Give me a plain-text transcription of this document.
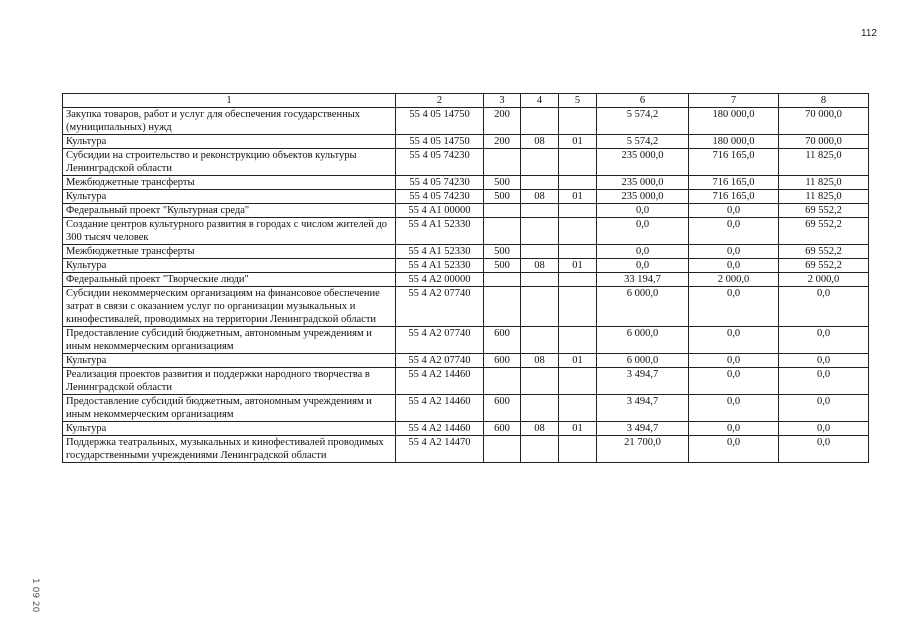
112
1	2	3	4	5	6	7	8
Закупка товаров, работ и услуг для обеспечения государственных (муниципальных) нужд	55 4 05 14750	200			5 574,2	180 000,0	70 000,0
Культура	55 4 05 14750	200	08	01	5 574,2	180 000,0	70 000,0
Субсидии на строительство и реконструкцию объектов культуры Ленинградской области	55 4 05 74230				235 000,0	716 165,0	11 825,0
Межбюджетные трансферты	55 4 05 74230	500			235 000,0	716 165,0	11 825,0
Культура	55 4 05 74230	500	08	01	235 000,0	716 165,0	11 825,0
Федеральный проект "Культурная среда"	55 4 A1 00000				0,0	0,0	69 552,2
Создание центров культурного развития в городах с числом жителей до 300 тысяч человек	55 4 A1 52330				0,0	0,0	69 552,2
Межбюджетные трансферты	55 4 A1 52330	500			0,0	0,0	69 552,2
Культура	55 4 A1 52330	500	08	01	0,0	0,0	69 552,2
Федеральный проект "Творческие люди"	55 4 A2 00000				33 194,7	2 000,0	2 000,0
Субсидии некоммерческим организациям на финансовое обеспечение затрат в связи с оказанием услуг по организации музыкальных и кинофестивалей, проводимых на территории Ленинградской области	55 4 A2 07740				6 000,0	0,0	0,0
Предоставление субсидий бюджетным, автономным учреждениям и иным некоммерческим организациям	55 4 A2 07740	600			6 000,0	0,0	0,0
Культура	55 4 A2 07740	600	08	01	6 000,0	0,0	0,0
Реализация проектов развития и поддержки народного творчества в Ленинградской области	55 4 A2 14460				3 494,7	0,0	0,0
Предоставление субсидий бюджетным, автономным учреждениям и иным некоммерческим организациям	55 4 A2 14460	600			3 494,7	0,0	0,0
Культура	55 4 A2 14460	600	08	01	3 494,7	0,0	0,0
Поддержка театральных, музыкальных и кинофестивалей проводимых государственными учреждениями Ленинградской области	55 4 A2 14470				21 700,0	0,0	0,0
1 09 20
